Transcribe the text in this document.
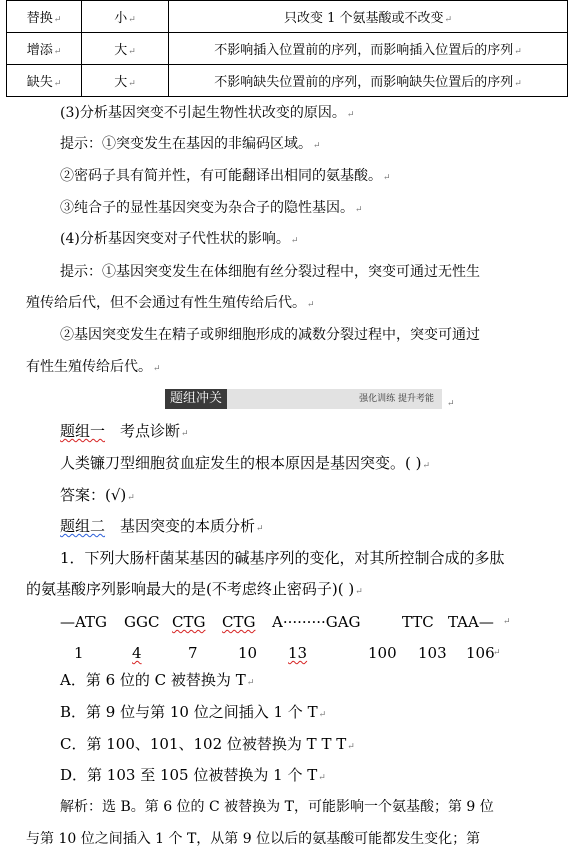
替换↵	小↵	只改变 1 个氨基酸或不改变↵
增添↵	大↵	不影响插入位置前的序列，而影响插入位置后的序列↵
缺失↵	大↵	不影响缺失位置前的序列，而影响缺失位置后的序列↵
(3)分析基因突变不引起生物性状改变的原因。↵
提示：①突变发生在基因的非编码区域。↵
②密码子具有简并性，有可能翻译出相同的氨基酸。↵
③纯合子的显性基因突变为杂合子的隐性基因。↵
(4)分析基因突变对子代性状的影响。↵
提示：①基因突变发生在体细胞有丝分裂过程中，突变可通过无性生
殖传给后代，但不会通过有性生殖传给后代。↵
②基因突变发生在精子或卵细胞形成的减数分裂过程中，突变可通过
有性生殖传给后代。↵
题组冲关	强化训练 提升考能 ↵
题组一　 考点诊断↵
人类镰刀型细胞贫血症发生的根本原因是基因突变。( )↵
答案：(√)↵
题组二　 基因突变的本质分析↵
1．下列大肠杆菌某基因的碱基序列的变化，对其所控制合成的多肽
的氨基酸序列影响最大的是(不考虑终止密码子)( )↵
—ATG GGC CTG CTG A·········GAG	TTC TAA— ↵
1	4	7	10 13	100 103 106
↵
A．第 6 位的 C 被替换为 T↵
B．第 9 位与第 10 位之间插入 1 个 T↵
C．第 100、101、102 位被替换为 T T T↵
D．第 103 至 105 位被替换为 1 个 T↵
解析：选 B。第 6 位的 C 被替换为 T，可能影响一个氨基酸；第 9 位
与第 10 位之间插入 1 个 T，从第 9 位以后的氨基酸可能都发生变化；第
